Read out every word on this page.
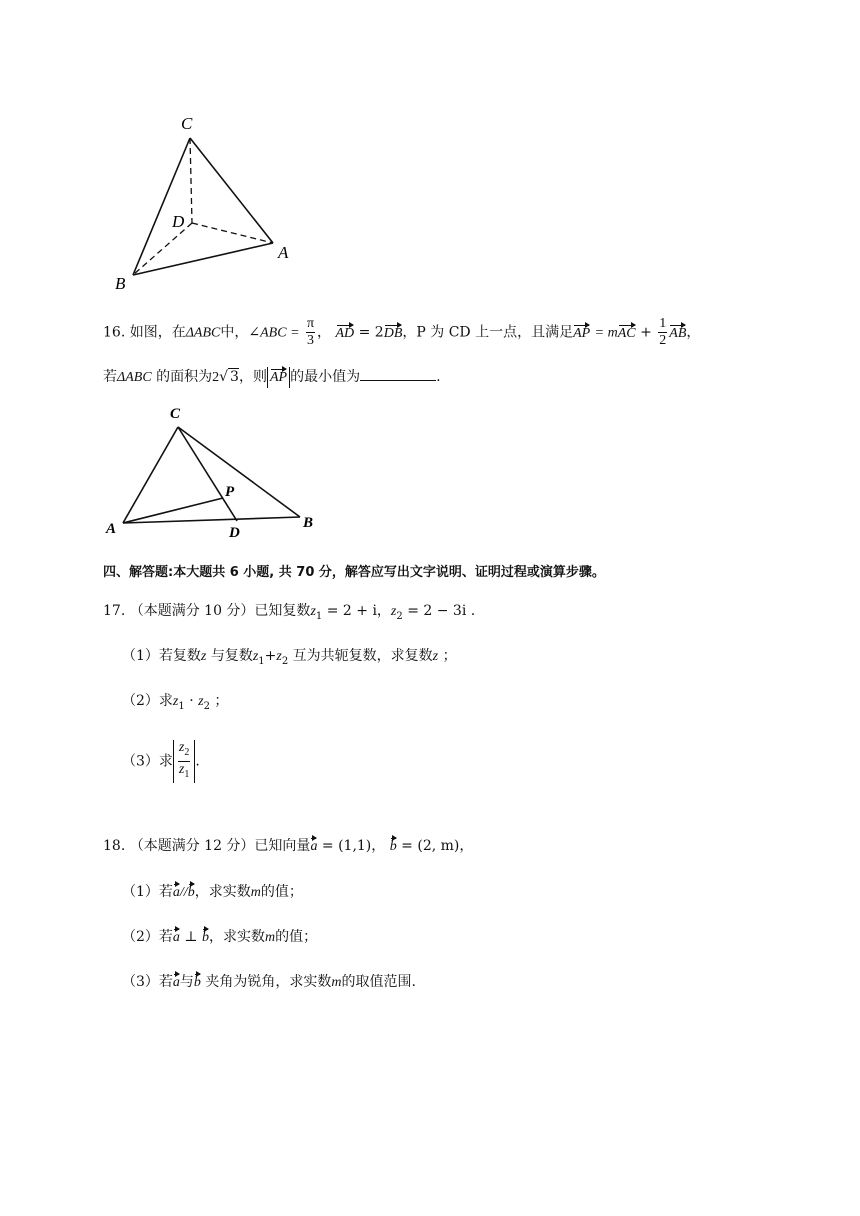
C
D
A
B
16. 如图，在ΔABC中，∠ABC = $\frac{\pi}{3}$ ， AD = 2DB，P 为 CD 上一点，且满足AP = mAC + $\frac{1}{2}$ AB，
若ΔABC 的面积为2√ 3，则 AP 的最小值为	.
C
P
A	D
B
四、解答题:本大题共 6 小题, 共 70 分，解答应写出文字说明、证明过程或演算步骤。
17. （本题满分 10 分）已知复数$z_1 = 2 + i$，$z_2 = 2 - 3i$ .
（1）若复数z 与复数$z_1+z_2$ 互为共轭复数，求复数z ；
（2）求$z_1 \cdot z_2$ ；
（3）求 $\frac{z_2}{z_1}$ .
18. （本题满分 12 分）已知向量a = (1,1)， b = (2, m)，
（1）若a//b，求实数m的值；
（2）若a ⊥ b，求实数m的值；
（3）若a与b 夹角为锐角，求实数m的取值范围.
